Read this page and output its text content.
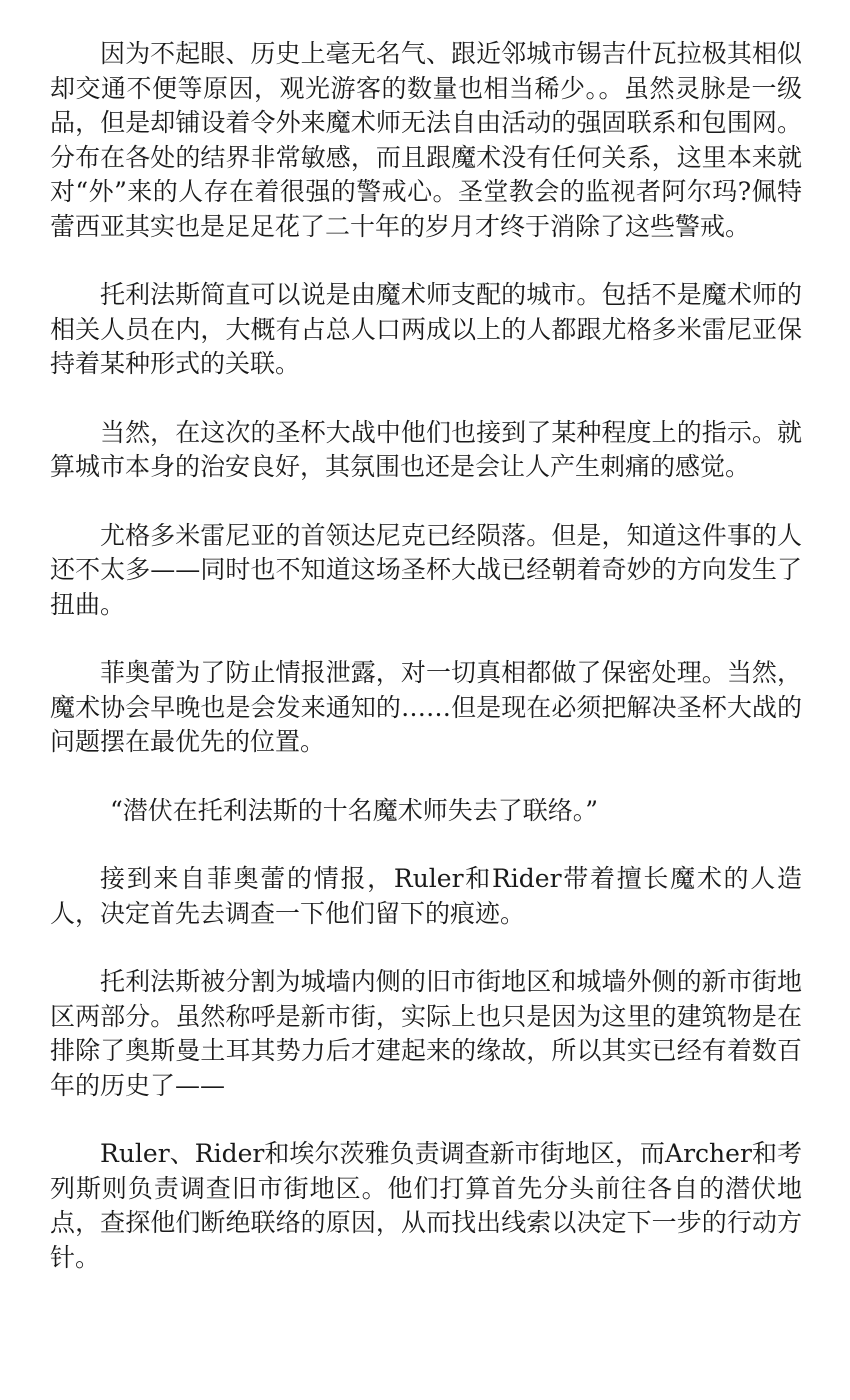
因为不起眼、历史上毫无名气、跟近邻城市锡吉什瓦拉极其相似却交通不便等原因，观光游客的数量也相当稀少。。虽然灵脉是一级品，但是却铺设着令外来魔术师无法自由活动的强固联系和包围网。分布在各处的结界非常敏感，而且跟魔术没有任何关系，这里本来就对“外”来的人存在着很强的警戒心。圣堂教会的监视者阿尔玛?佩特蕾西亚其实也是足足花了二十年的岁月才终于消除了这些警戒。

托利法斯简直可以说是由魔术师支配的城市。包括不是魔术师的相关人员在内，大概有占总人口两成以上的人都跟尤格多米雷尼亚保持着某种形式的关联。

当然，在这次的圣杯大战中他们也接到了某种程度上的指示。就算城市本身的治安良好，其氛围也还是会让人产生刺痛的感觉。

尤格多米雷尼亚的首领达尼克已经陨落。但是，知道这件事的人还不太多——同时也不知道这场圣杯大战已经朝着奇妙的方向发生了扭曲。

菲奥蕾为了防止情报泄露，对一切真相都做了保密处理。当然，魔术协会早晚也是会发来通知的……但是现在必须把解决圣杯大战的问题摆在最优先的位置。

“潜伏在托利法斯的十名魔术师失去了联络。”

接到来自菲奥蕾的情报，Ruler和Rider带着擅长魔术的人造人，决定首先去调查一下他们留下的痕迹。

托利法斯被分割为城墙内侧的旧市街地区和城墙外侧的新市街地区两部分。虽然称呼是新市街，实际上也只是因为这里的建筑物是在排除了奥斯曼土耳其势力后才建起来的缘故，所以其实已经有着数百年的历史了——

Ruler、Rider和埃尔茨雅负责调查新市街地区，而Archer和考列斯则负责调查旧市街地区。他们打算首先分头前往各自的潜伏地点，查探他们断绝联络的原因，从而找出线索以决定下一步的行动方针。
